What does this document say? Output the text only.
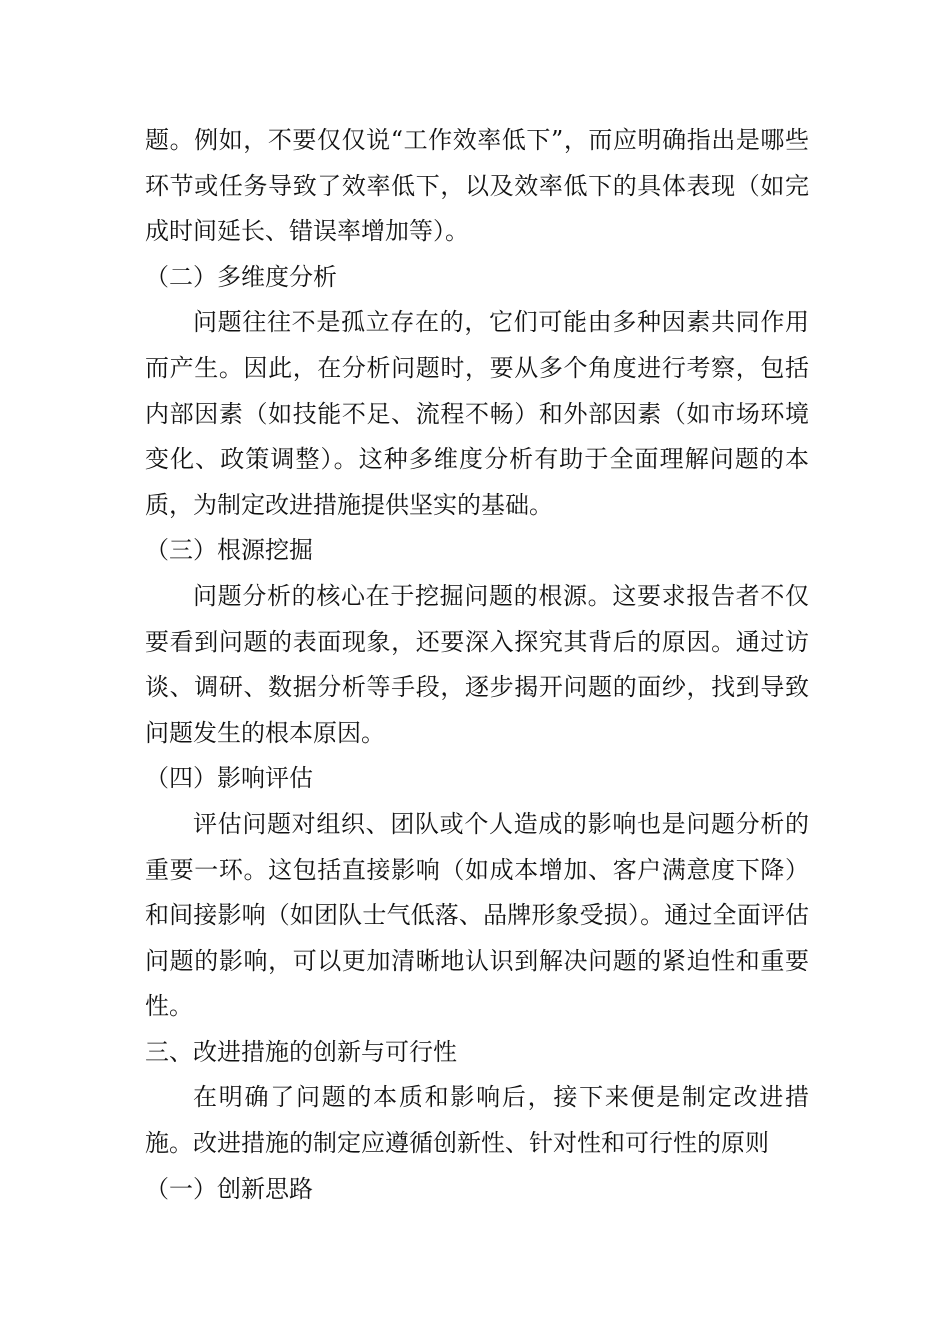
题。例如，不要仅仅说“工作效率低下”，而应明确指出是哪些环节或任务导致了效率低下，以及效率低下的具体表现（如完成时间延长、错误率增加等）。

（二）多维度分析

问题往往不是孤立存在的，它们可能由多种因素共同作用而产生。因此，在分析问题时，要从多个角度进行考察，包括内部因素（如技能不足、流程不畅）和外部因素（如市场环境变化、政策调整）。这种多维度分析有助于全面理解问题的本质，为制定改进措施提供坚实的基础。

（三）根源挖掘

问题分析的核心在于挖掘问题的根源。这要求报告者不仅要看到问题的表面现象，还要深入探究其背后的原因。通过访谈、调研、数据分析等手段，逐步揭开问题的面纱，找到导致问题发生的根本原因。

（四）影响评估

评估问题对组织、团队或个人造成的影响也是问题分析的重要一环。这包括直接影响（如成本增加、客户满意度下降）和间接影响（如团队士气低落、品牌形象受损）。通过全面评估问题的影响，可以更加清晰地认识到解决问题的紧迫性和重要性。

三、改进措施的创新与可行性

在明确了问题的本质和影响后，接下来便是制定改进措施。改进措施的制定应遵循创新性、针对性和可行性的原则

（一）创新思路
